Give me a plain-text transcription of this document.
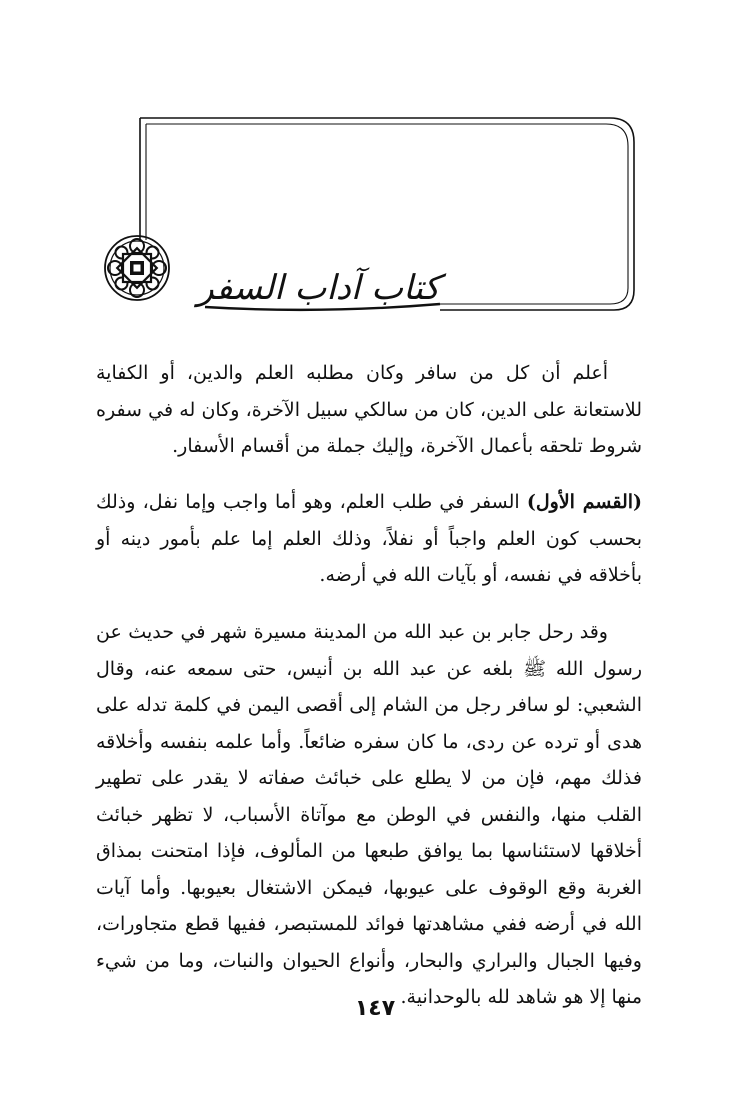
كتاب آداب السفر

أعلم أن كل من سافر وكان مطلبه العلم والدين، أو الكفاية للاستعانة على الدين، كان من سالكي سبيل الآخرة، وكان له في سفره شروط تلحقه بأعمال الآخرة، وإليك جملة من أقسام الأسفار.

(القسم الأول) السفر في طلب العلم، وهو أما واجب وإما نفل، وذلك بحسب كون العلم واجباً أو نفلاً، وذلك العلم إما علم بأمور دينه أو بأخلاقه في نفسه، أو بآيات الله في أرضه.

وقد رحل جابر بن عبد الله من المدينة مسيرة شهر في حديث عن رسول الله ﷺ بلغه عن عبد الله بن أنيس، حتى سمعه عنه، وقال الشعبي: لو سافر رجل من الشام إلى أقصى اليمن في كلمة تدله على هدى أو ترده عن ردى، ما كان سفره ضائعاً. وأما علمه بنفسه وأخلاقه فذلك مهم، فإن من لا يطلع على خبائث صفاته لا يقدر على تطهير القلب منها، والنفس في الوطن مع موآتاة الأسباب، لا تظهر خبائث أخلاقها لاستئناسها بما يوافق طبعها من المألوف، فإذا امتحنت بمذاق الغربة وقع الوقوف على عيوبها، فيمكن الاشتغال بعيوبها. وأما آيات الله في أرضه ففي مشاهدتها فوائد للمستبصر، ففيها قطع متجاورات، وفيها الجبال والبراري والبحار، وأنواع الحيوان والنبات، وما من شيء منها إلا هو شاهد لله بالوحدانية.

١٤٧
